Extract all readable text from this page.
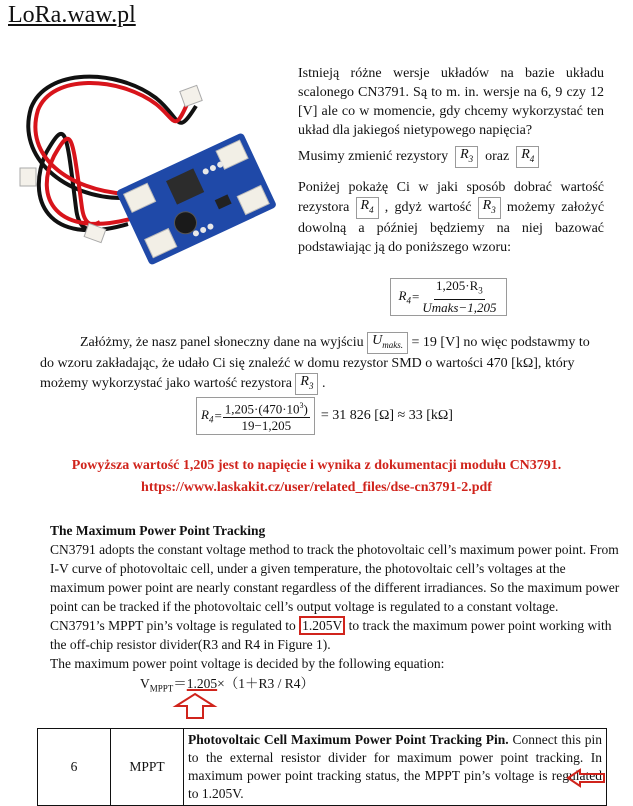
LoRa.waw.pl
Istnieją różne wersje układów na bazie układu scalonego CN3791. Są to m. in. wersje na 6, 9 czy 12 [V] ale co w momencie, gdy chcemy wykorzystać ten układ dla jakiegoś nietypowego napięcia?
Musimy zmienić rezystory $R_3$ oraz $R_4$
Poniżej pokażę Ci w jaki sposób dobrać wartość rezystora $R_4$ , gdyż wartość $R_3$ możemy założyć dowolną a później będziemy na niej bazować podstawiając ją do poniższego wzoru:
$R_4 = \frac{1,205\cdot R_3}{\text{Umaks−1,205}}$
Załóżmy, że nasz panel słoneczny dane na wyjściu $U_{maks.} = 19$ [V] no więc podstawmy to do wzoru zakładając, że udało Ci się znaleźć w domu rezystor SMD o wartości 470 [kΩ], który możemy wykorzystać jako wartość rezystora $R_3$ .
$R_4 = \frac{1,205\cdot(470\cdot 10^3)}{19-1,205} = 31$ 826 [Ω] ≈ 33 [kΩ]
Powyższa wartość 1,205 jest to napięcie i wynika z dokumentacji modułu CN3791.
https://www.laskakit.cz/user/related_files/dse-cn3791-2.pdf
The Maximum Power Point Tracking
CN3791 adopts the constant voltage method to track the photovoltaic cell’s maximum power point. From I-V curve of photovoltaic cell, under a given temperature, the photovoltaic cell’s voltages at the maximum power point are nearly constant regardless of the different irradiances. So the maximum power point can be tracked if the photovoltaic cell’s output voltage is regulated to a constant voltage.
CN3791’s MPPT pin’s voltage is regulated to 1.205V to track the maximum power point working with the off-chip resistor divider(R3 and R4 in Figure 1).
The maximum power point voltage is decided by the following equation:
$V_{MPPT}=1.205\times(1+R3 / R4)$
6	MPPT	Photovoltaic Cell Maximum Power Point Tracking Pin. Connect this pin to the external resistor divider for maximum power point tracking. In maximum power point tracking status, the MPPT pin’s voltage is regulated to 1.205V.
